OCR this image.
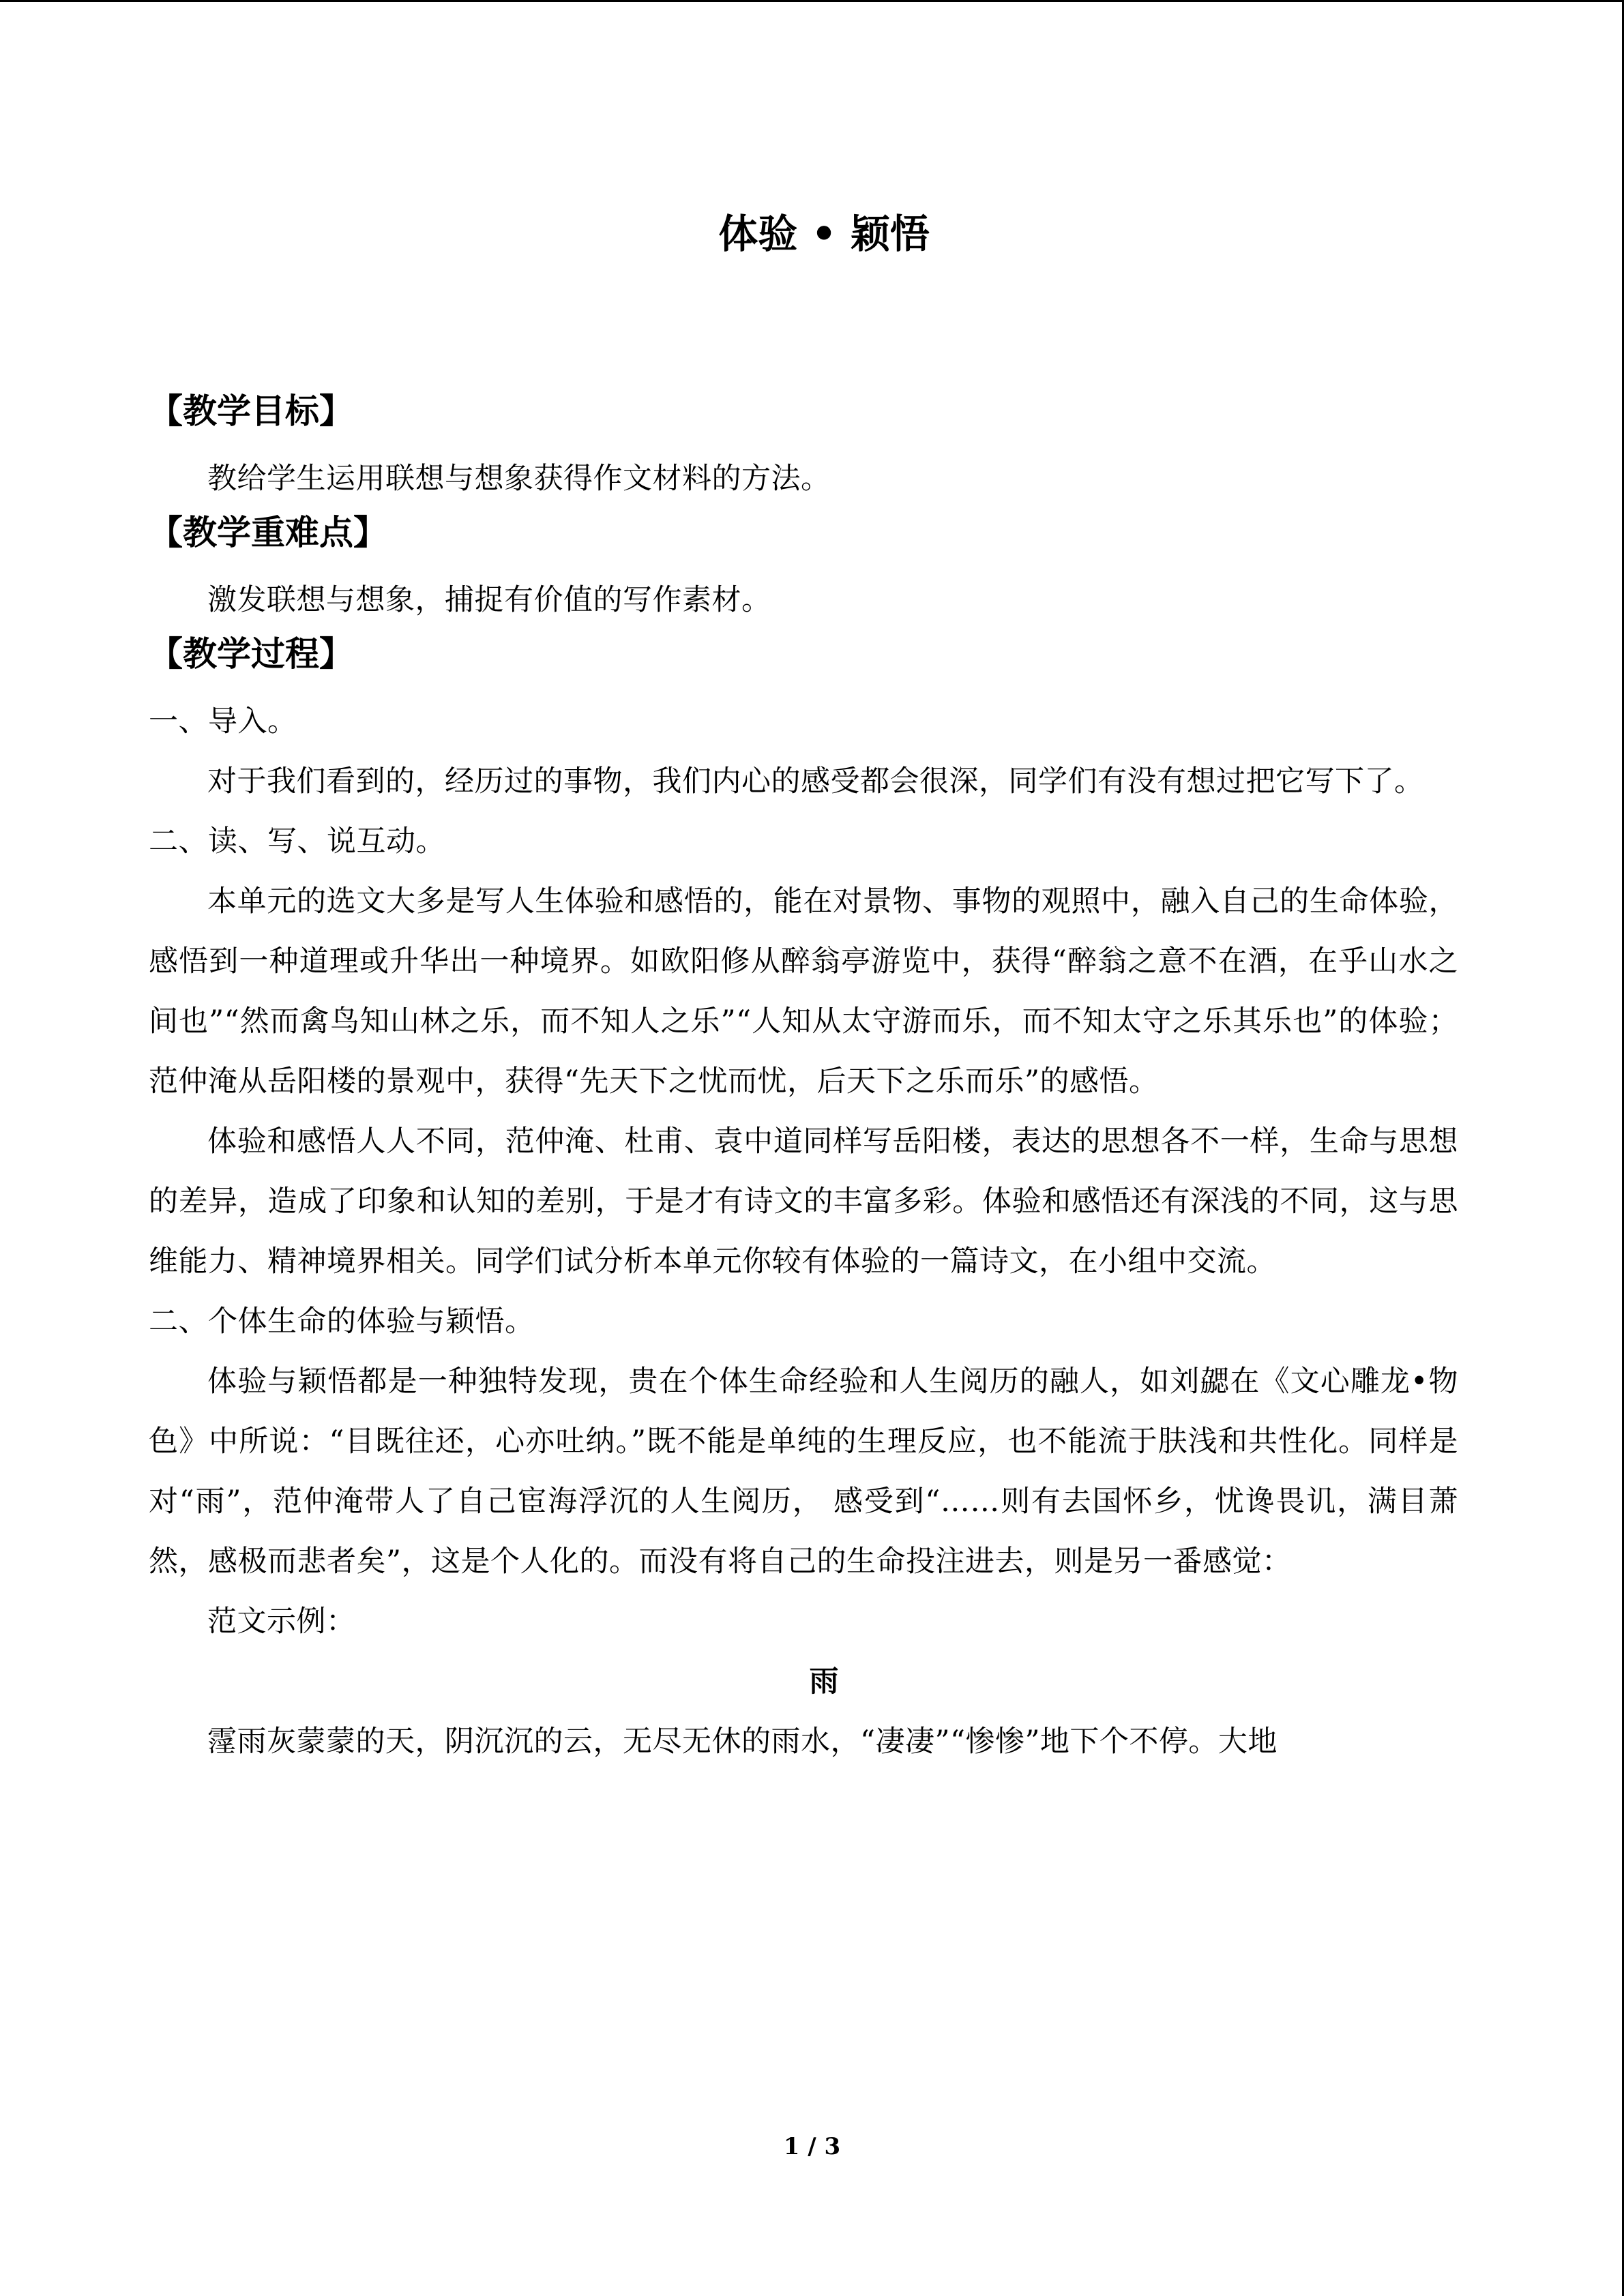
体验 • 颖悟
【教学目标】

教给学生运用联想与想象获得作文材料的方法。

【教学重难点】

激发联想与想象，捕捉有价值的写作素材。

【教学过程】

一、导入。

对于我们看到的，经历过的事物，我们内心的感受都会很深，同学们有没有想过把它写下了。

二、读、写、说互动。

本单元的选文大多是写人生体验和感悟的，能在对景物、事物的观照中，融入自己的生命体验，感悟到一种道理或升华出一种境界。如欧阳修从醉翁亭游览中，获得“醉翁之意不在酒，在乎山水之间也”“然而禽鸟知山林之乐，而不知人之乐”“人知从太守游而乐，而不知太守之乐其乐也”的体验；范仲淹从岳阳楼的景观中，获得“先天下之忧而忧，后天下之乐而乐”的感悟。

体验和感悟人人不同，范仲淹、杜甫、袁中道同样写岳阳楼，表达的思想各不一样，生命与思想的差异，造成了印象和认知的差别，于是才有诗文的丰富多彩。体验和感悟还有深浅的不同，这与思维能力、精神境界相关。同学们试分析本单元你较有体验的一篇诗文，在小组中交流。

二、个体生命的体验与颖悟。

体验与颖悟都是一种独特发现，贵在个体生命经验和人生阅历的融人，如刘勰在《文心雕龙•物色》中所说：“目既往还，心亦吐纳。”既不能是单纯的生理反应，也不能流于肤浅和共性化。同样是对“雨”，范仲淹带人了自己宦海浮沉的人生阅历， 感受到“……则有去国怀乡，忧谗畏讥，满目萧然，感极而悲者矣”，这是个人化的。而没有将自己的生命投注进去，则是另一番感觉：

范文示例：

雨

霪雨灰蒙蒙的天，阴沉沉的云，无尽无休的雨水，“凄凄”“惨惨”地下个不停。大地

1 / 3
